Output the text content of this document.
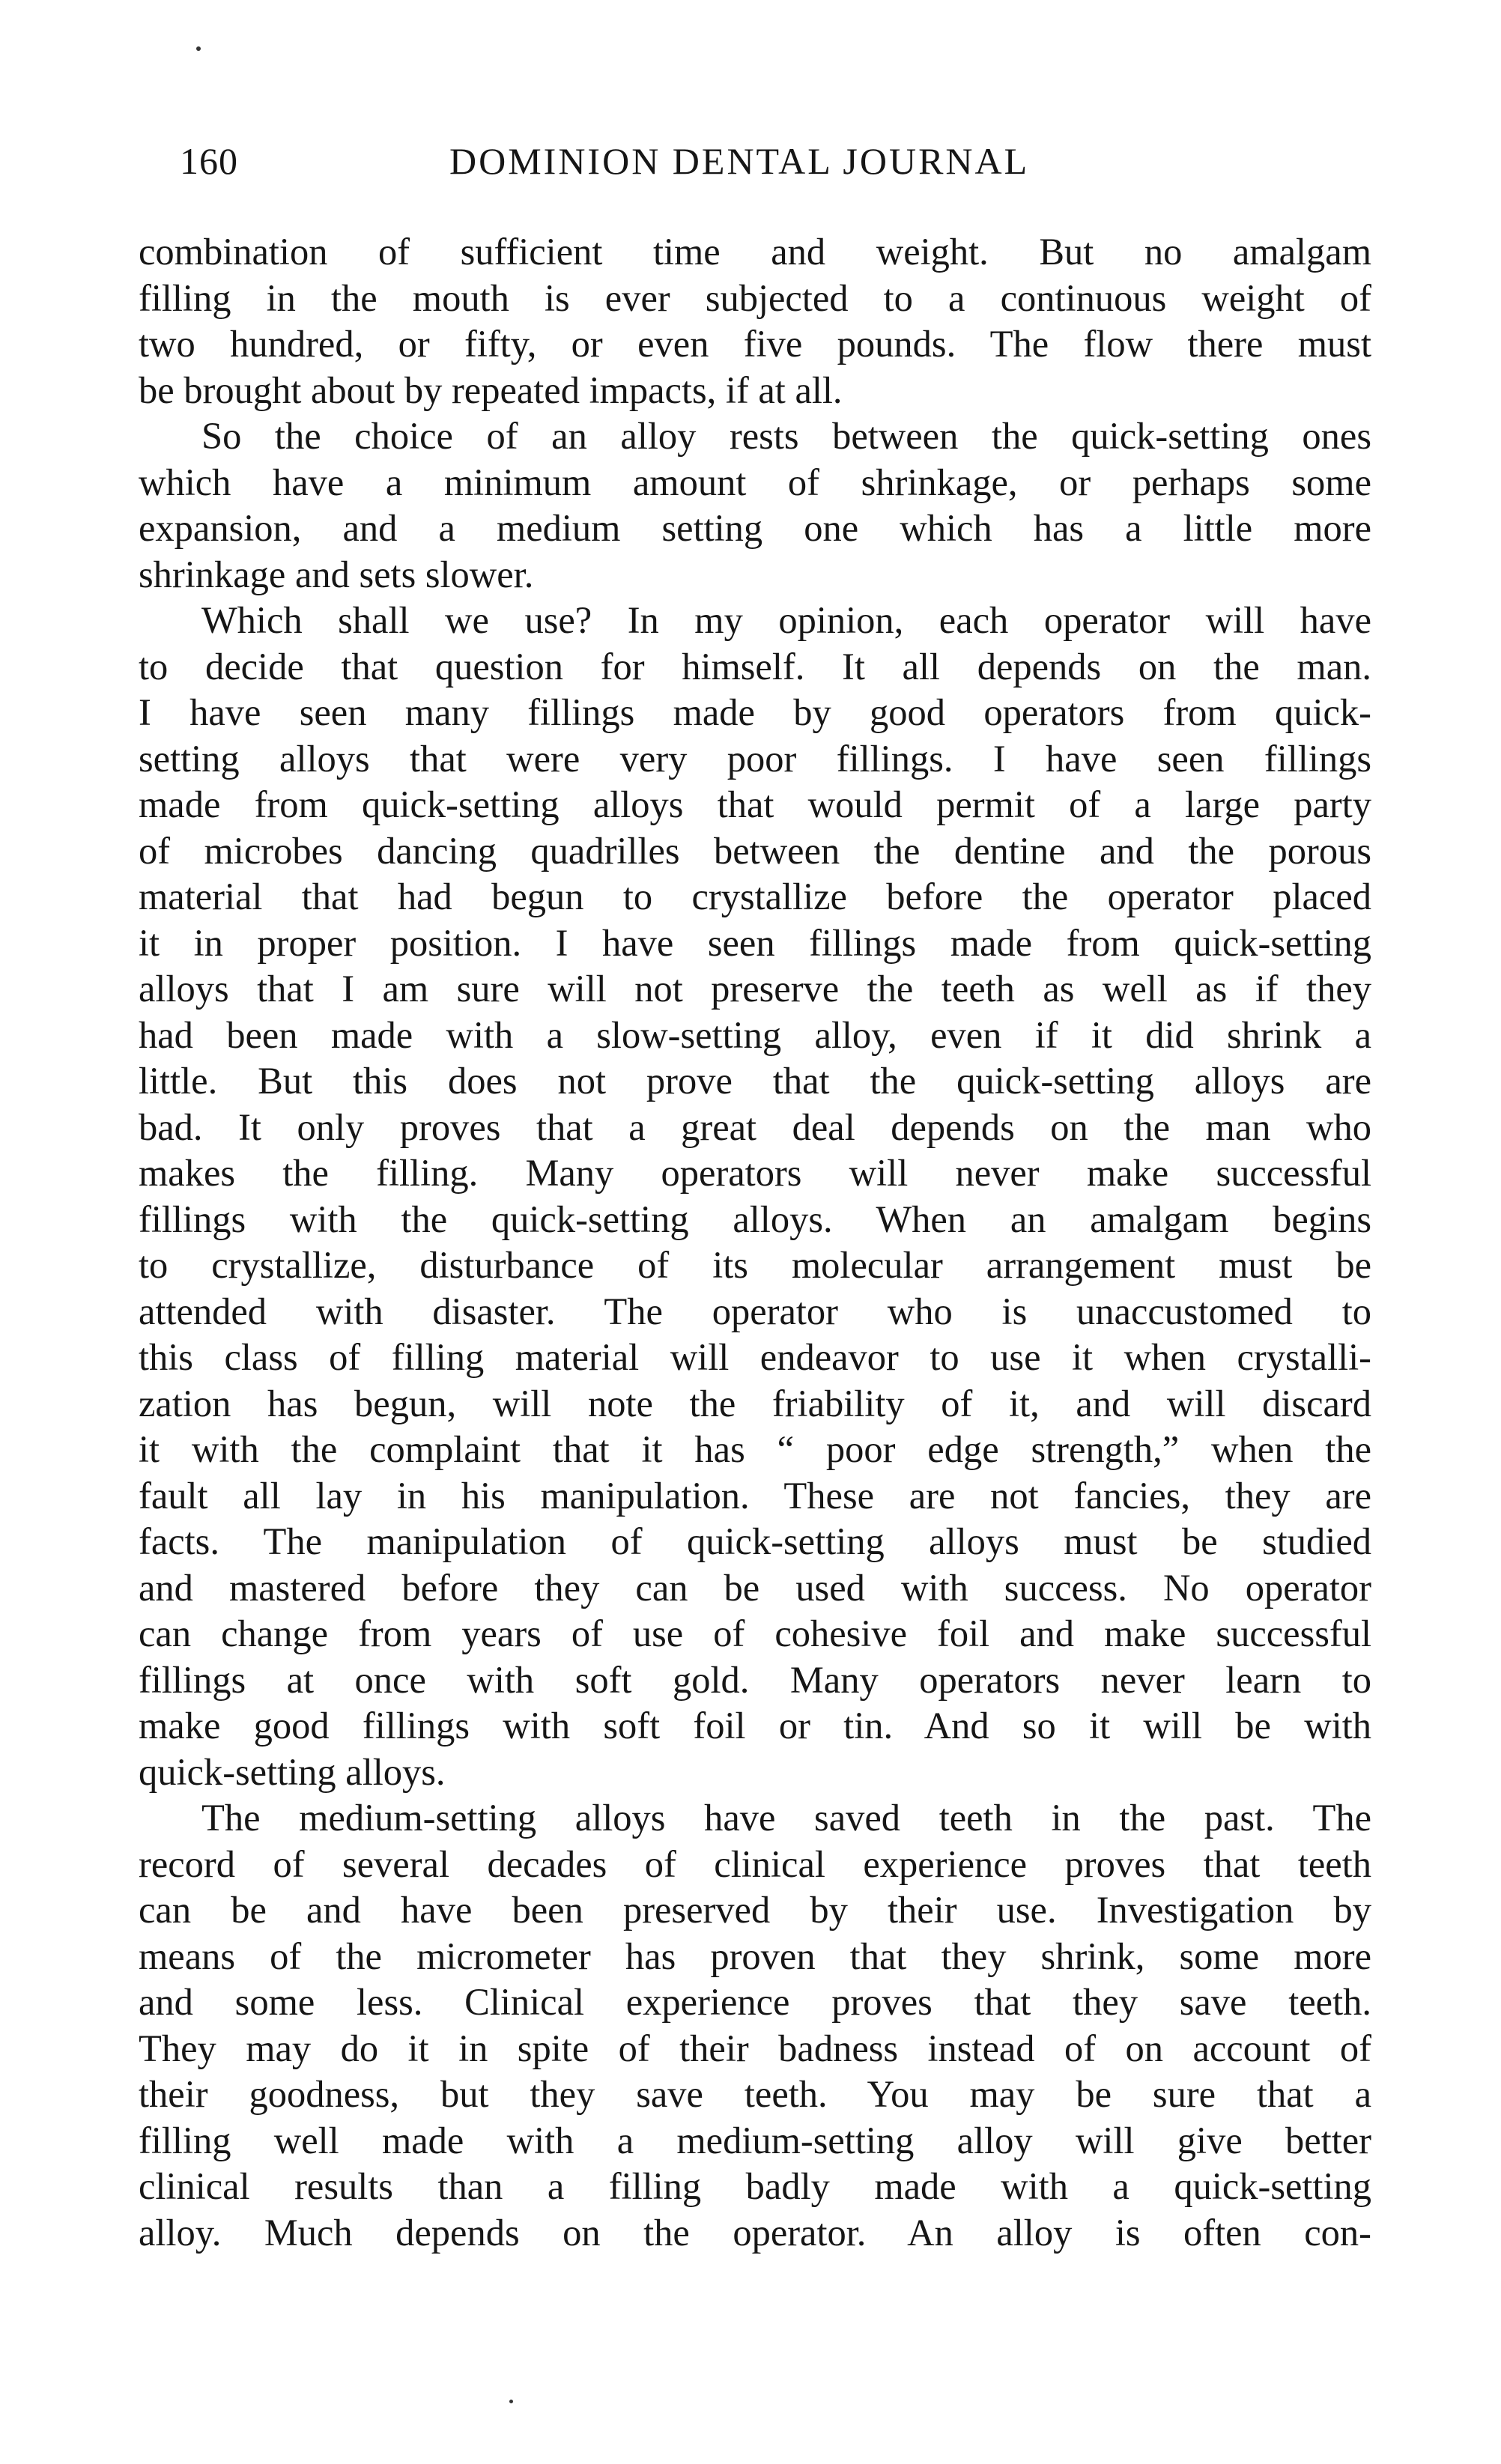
160	DOMINION DENTAL JOURNAL
combination of sufficient time and weight. But no amalgam
filling in the mouth is ever subjected to a continuous weight of
two hundred, or fifty, or even five pounds. The flow there must
be brought about by repeated impacts, if at all.
So the choice of an alloy rests between the quick-setting ones
which have a minimum amount of shrinkage, or perhaps some
expansion, and a medium setting one which has a little more
shrinkage and sets slower.
Which shall we use? In my opinion, each operator will have
to decide that question for himself. It all depends on the man.
I have seen many fillings made by good operators from quick-
setting alloys that were very poor fillings. I have seen fillings
made from quick-setting alloys that would permit of a large party
of microbes dancing quadrilles between the dentine and the porous
material that had begun to crystallize before the operator placed
it in proper position. I have seen fillings made from quick-setting
alloys that I am sure will not preserve the teeth as well as if they
had been made with a slow-setting alloy, even if it did shrink a
little. But this does not prove that the quick-setting alloys are
bad. It only proves that a great deal depends on the man who
makes the filling. Many operators will never make successful
fillings with the quick-setting alloys. When an amalgam begins
to crystallize, disturbance of its molecular arrangement must be
attended with disaster. The operator who is unaccustomed to
this class of filling material will endeavor to use it when crystalli-
zation has begun, will note the friability of it, and will discard
it with the complaint that it has “ poor edge strength,” when the
fault all lay in his manipulation. These are not fancies, they are
facts. The manipulation of quick-setting alloys must be studied
and mastered before they can be used with success. No operator
can change from years of use of cohesive foil and make successful
fillings at once with soft gold. Many operators never learn to
make good fillings with soft foil or tin. And so it will be with
quick-setting alloys.
The medium-setting alloys have saved teeth in the past. The
record of several decades of clinical experience proves that teeth
can be and have been preserved by their use. Investigation by
means of the micrometer has proven that they shrink, some more
and some less. Clinical experience proves that they save teeth.
They may do it in spite of their badness instead of on account of
their goodness, but they save teeth. You may be sure that a
filling well made with a medium-setting alloy will give better
clinical results than a filling badly made with a quick-setting
alloy. Much depends on the operator. An alloy is often con-
